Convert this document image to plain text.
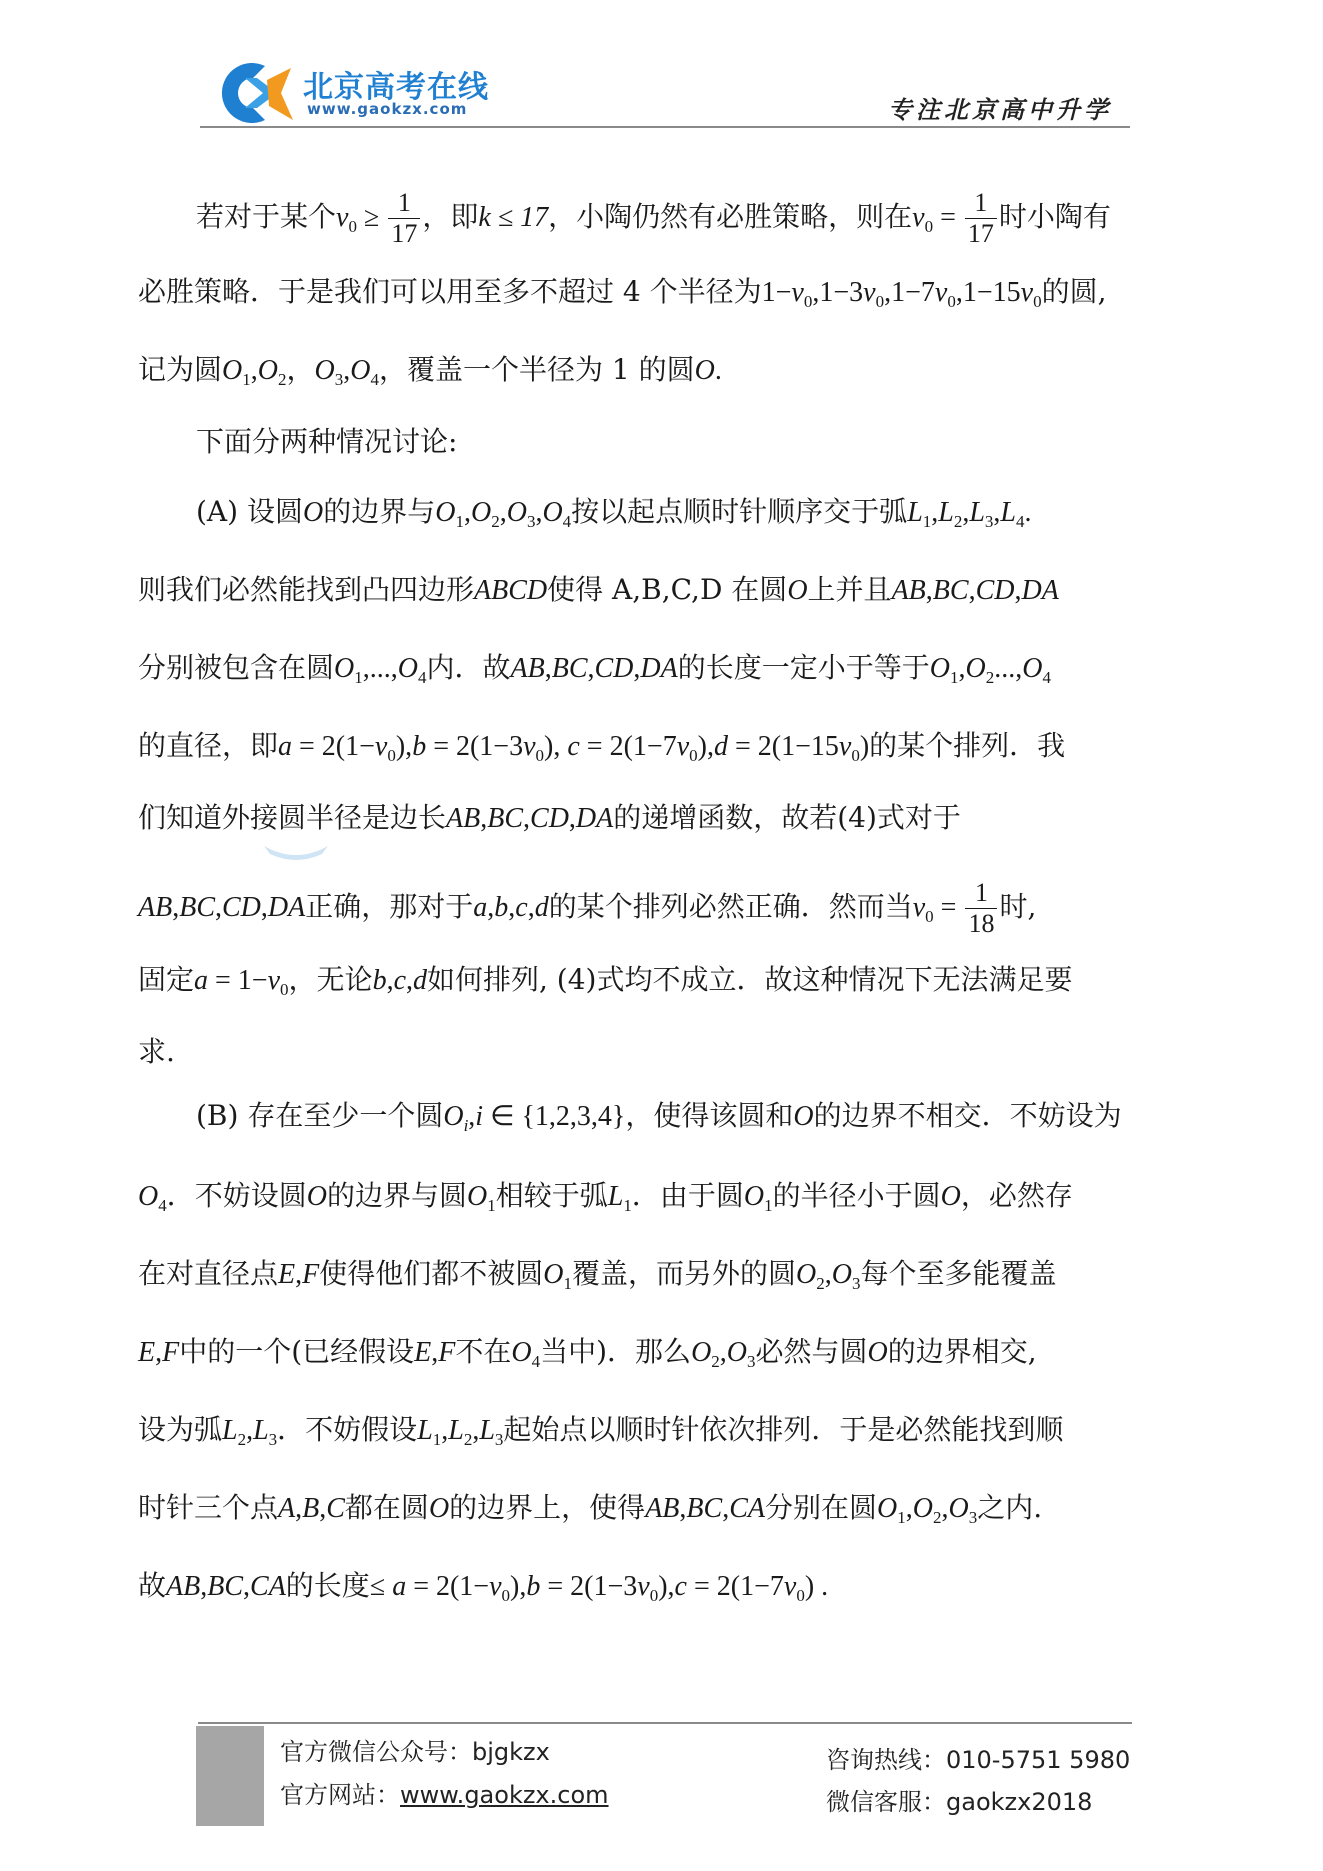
北京高考在线
www.gaokzx.com	专注北京高中升学
若对于某个$v_0 \ge \frac{1}{17}$ ，即k ≤ 17，小陶仍然有必胜策略，则在$v_0 = \frac{1}{17}$ 时小陶有
必胜策略．于是我们可以用至多不超过 4 个半径为$1-v_0,1-3v_0,1-7v_0,1-15v_0$的圆,
记为圆$O_1,O_2$，$O_3,O_4$，覆盖一个半径为 1 的圆O.
下面分两种情况讨论:
(A) 设圆O的边界与$O_1,O_2,O_3,O_4$按以起点顺时针顺序交于弧$L_1,L_2,L_3,L_4$.
则我们必然能找到凸四边形ABCD使得 A,B,C,D 在圆O上并且AB,BC,CD,DA
分别被包含在圆$O_1,...,O_4$内．故AB,BC,CD,DA的长度一定小于等于$O_1,O_2...,O_4$
的直径，即$a = 2(1-v_0),b = 2(1-3v_0)$, $c = 2(1-7v_0),d = 2(1-15v_0)$的某个排列．我
们知道外接圆半径是边长AB,BC,CD,DA的递增函数，故若(4)式对于
AB,BC,CD,DA正确，那对于a,b,c,d的某个排列必然正确．然而当$v_0 = \frac{1}{18}$ 时,
固定$a = 1-v_0$，无论b,c,d如何排列, (4)式均不成立．故这种情况下无法满足要
求.
(B) 存在至少一个圆$O_i,i$ ∈ {1,2,3,4}，使得该圆和O的边界不相交．不妨设为
$O_4$．不妨设圆O的边界与圆$O_1$相较于弧$L_1$．由于圆$O_1$的半径小于圆O，必然存
在对直径点E,F使得他们都不被圆$O_1$覆盖，而另外的圆$O_2,O_3$每个至多能覆盖
E,F中的一个(已经假设E,F不在$O_4$当中)．那么$O_2,O_3$必然与圆O的边界相交,
设为弧$L_2,L_3$．不妨假设$L_1,L_2,L_3$起始点以顺时针依次排列．于是必然能找到顺
时针三个点A,B,C都在圆O的边界上，使得AB,BC,CA分别在圆$O_1,O_2,O_3$之内.
故AB,BC,CA的长度≤ $a = 2(1-v_0),b = 2(1-3v_0),c = 2(1-7v_0)$ .
官方微信公众号：bjgkzx
官方网站：www.gaokzx.com
咨询热线：010-5751 5980
微信客服：gaokzx2018
